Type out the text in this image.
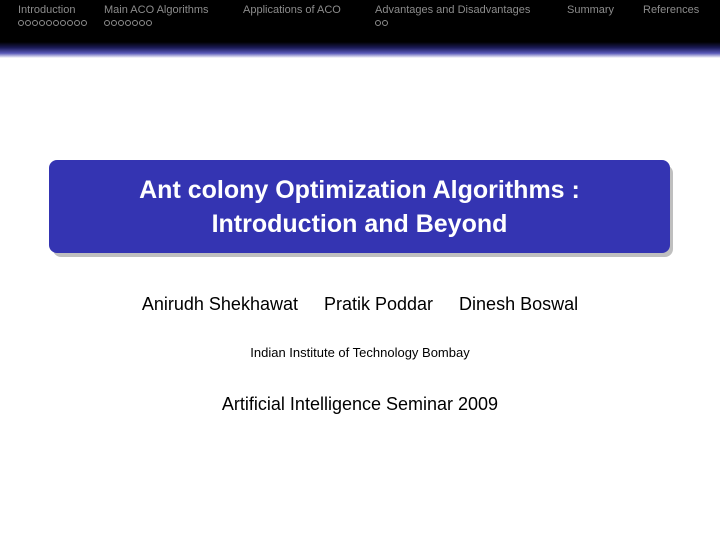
Introduction	Main ACO Algorithms	Applications of ACO	Advantages and Disadvantages	Summary	References
Ant colony Optimization Algorithms :
Introduction and Beyond
Anirudh Shekhawat Pratik Poddar Dinesh Boswal
Indian Institute of Technology Bombay
Artificial Intelligence Seminar 2009
